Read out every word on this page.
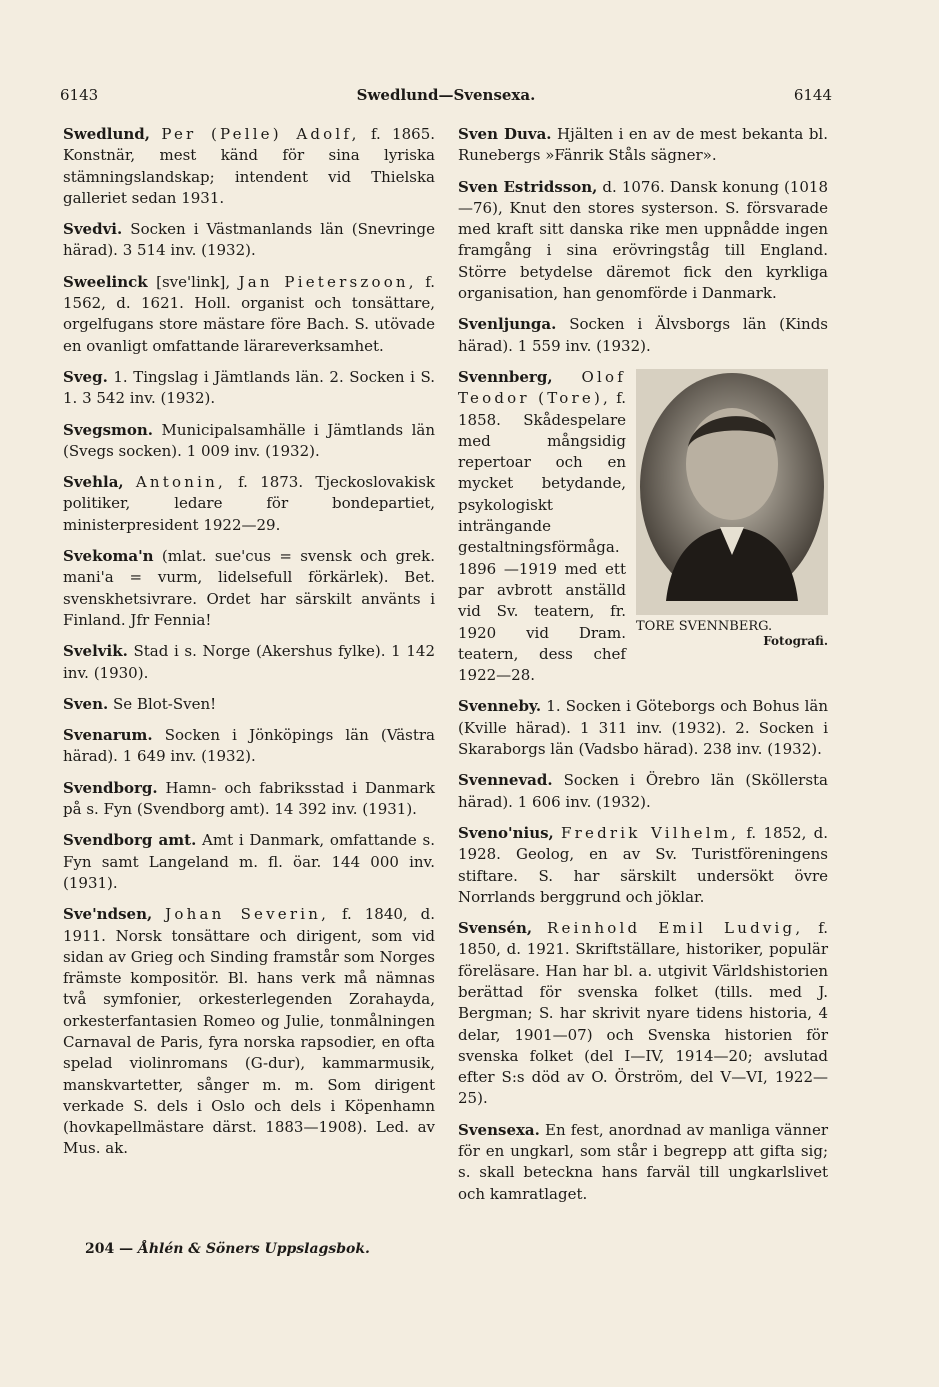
6143	Swedlund—Svensexa.	6144

Swedlund, Per (Pelle) Adolf, f. 1865. Konstnär, mest känd för sina lyriska stämningslandskap; intendent vid Thielska galleriet sedan 1931.

Svedvi. Socken i Västmanlands län (Snevringe härad). 3 514 inv. (1932).

Sweelinck [sve'link], Jan Pieterszoon, f. 1562, d. 1621. Holl. organist och tonsättare, orgelfugans store mästare före Bach. S. utövade en ovanligt omfattande lärareverksamhet.

Sveg. 1. Tingslag i Jämtlands län. 2. Socken i S. 1. 3 542 inv. (1932).

Svegsmon. Municipalsamhälle i Jämtlands län (Svegs socken). 1 009 inv. (1932).

Svehla, Antonin, f. 1873. Tjeckoslovakisk politiker, ledare för bondepartiet, ministerpresident 1922—29.

Svekoma'n (mlat. sue'cus = svensk och grek. mani'a = vurm, lidelsefull förkärlek). Bet. svenskhetsivrare. Ordet har särskilt använts i Finland. Jfr Fennia!

Svelvik. Stad i s. Norge (Akershus fylke). 1 142 inv. (1930).

Sven. Se Blot-Sven!

Svenarum. Socken i Jönköpings län (Västra härad). 1 649 inv. (1932).

Svendborg. Hamn- och fabriksstad i Danmark på s. Fyn (Svendborg amt). 14 392 inv. (1931).

Svendborg amt. Amt i Danmark, omfattande s. Fyn samt Langeland m. fl. öar. 144 000 inv. (1931).

Sve'ndsen, Johan Severin, f. 1840, d. 1911. Norsk tonsättare och dirigent, som vid sidan av Grieg och Sinding framstår som Norges främste kompositör. Bl. hans verk må nämnas två symfonier, orkesterlegenden Zorahayda, orkesterfantasien Romeo og Julie, tonmålningen Carnaval de Paris, fyra norska rapsodier, en ofta spelad violinromans (G-dur), kammarmusik, manskvartetter, sånger m. m. Som dirigent verkade S. dels i Oslo och dels i Köpenhamn (hovkapellmästare därst. 1883—1908). Led. av Mus. ak.

Sven Duva. Hjälten i en av de mest bekanta bl. Runebergs »Fänrik Ståls sägner».

Sven Estridsson, d. 1076. Dansk konung (1018—76), Knut den stores systerson. S. försvarade med kraft sitt danska rike men uppnådde ingen framgång i sina erövringståg till England. Större betydelse däremot fick den kyrkliga organisation, han genomförde i Danmark.

Svenljunga. Socken i Älvsborgs län (Kinds härad). 1 559 inv. (1932).

TORE SVENNBERG.
Fotografi.

Svennberg, Olof Teodor (Tore), f. 1858. Skådespelare med mångsidig repertoar och en mycket betydande, psykologiskt inträngande gestaltningsförmåga. 1896 —1919 med ett par avbrott anställd vid Sv. teatern, fr. 1920 vid Dram. teatern, dess chef 1922—28.

Svenneby. 1. Socken i Göteborgs och Bohus län (Kville härad). 1 311 inv. (1932). 2. Socken i Skaraborgs län (Vadsbo härad). 238 inv. (1932).

Svennevad. Socken i Örebro län (Sköllersta härad). 1 606 inv. (1932).

Sveno'nius, Fredrik Vilhelm, f. 1852, d. 1928. Geolog, en av Sv. Turistföreningens stiftare. S. har särskilt undersökt övre Norrlands berggrund och jöklar.

Svensén, Reinhold Emil Ludvig, f. 1850, d. 1921. Skriftställare, historiker, populär föreläsare. Han har bl. a. utgivit Världshistorien berättad för svenska folket (tills. med J. Bergman; S. har skrivit nyare tidens historia, 4 delar, 1901—07) och Svenska historien för svenska folket (del I—IV, 1914—20; avslutad efter S:s död av O. Örström, del V—VI, 1922—25).

Svensexa. En fest, anordnad av manliga vänner för en ungkarl, som står i begrepp att gifta sig; s. skall beteckna hans farväl till ungkarlslivet och kamratlaget.

204 — Åhlén & Söners Uppslagsbok.
